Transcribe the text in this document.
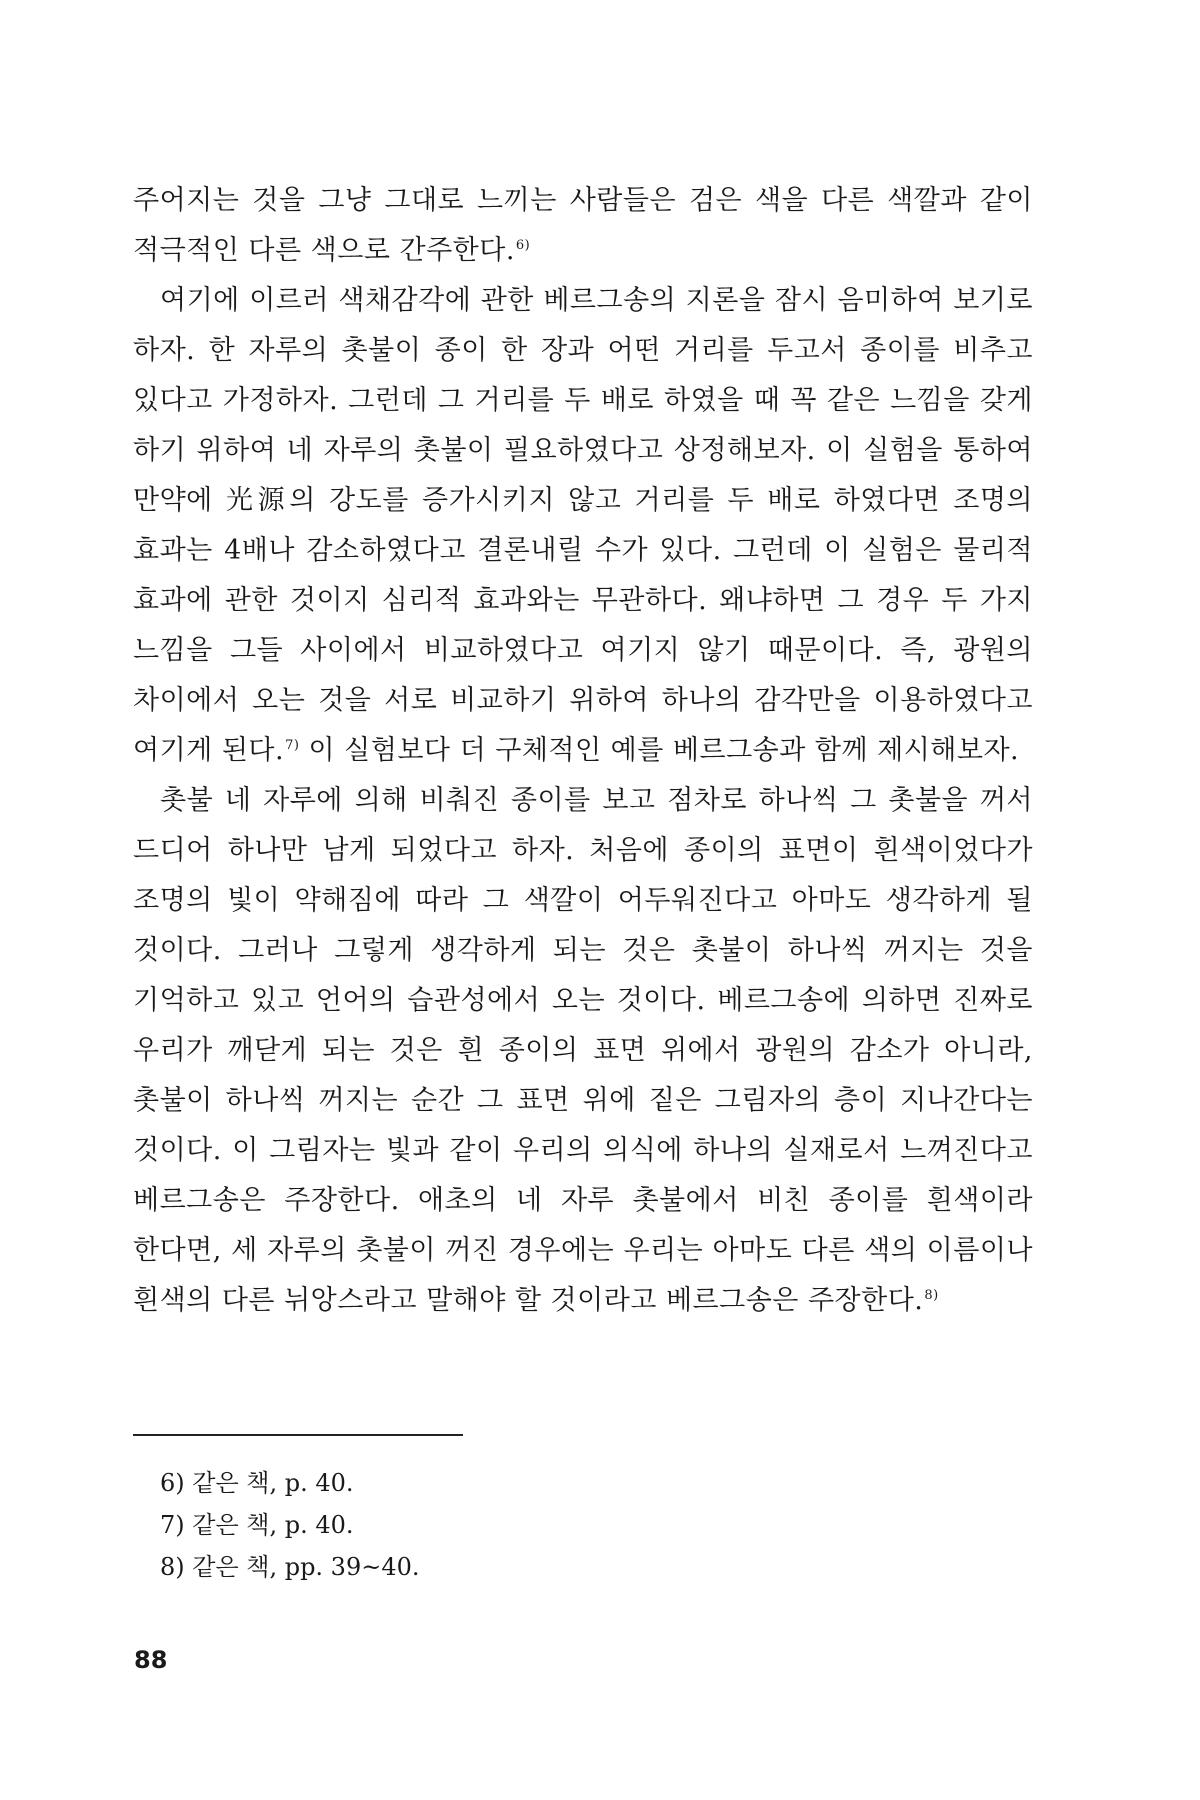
주어지는 것을 그냥 그대로 느끼는 사람들은 검은 색을 다른 색깔과 같이 적극적인 다른 색으로 간주한다.$^{6)}$

여기에 이르러 색채감각에 관한 베르그송의 지론을 잠시 음미하여 보기로 하자. 한 자루의 촛불이 종이 한 장과 어떤 거리를 두고서 종이를 비추고 있다고 가정하자. 그런데 그 거리를 두 배로 하였을 때 꼭 같은 느낌을 갖게 하기 위하여 네 자루의 촛불이 필요하였다고 상정해보자. 이 실험을 통하여 만약에 光源의 강도를 증가시키지 않고 거리를 두 배로 하였다면 조명의 효과는 4배나 감소하였다고 결론내릴 수가 있다. 그런데 이 실험은 물리적 효과에 관한 것이지 심리적 효과와는 무관하다. 왜냐하면 그 경우 두 가지 느낌을 그들 사이에서 비교하였다고 여기지 않기 때문이다. 즉, 광원의 차이에서 오는 것을 서로 비교하기 위하여 하나의 감각만을 이용하였다고 여기게 된다.$^{7)}$ 이 실험보다 더 구체적인 예를 베르그송과 함께 제시해보자.

촛불 네 자루에 의해 비춰진 종이를 보고 점차로 하나씩 그 촛불을 꺼서 드디어 하나만 남게 되었다고 하자. 처음에 종이의 표면이 흰색이었다가 조명의 빛이 약해짐에 따라 그 색깔이 어두워진다고 아마도 생각하게 될 것이다. 그러나 그렇게 생각하게 되는 것은 촛불이 하나씩 꺼지는 것을 기억하고 있고 언어의 습관성에서 오는 것이다. 베르그송에 의하면 진짜로 우리가 깨닫게 되는 것은 흰 종이의 표면 위에서 광원의 감소가 아니라, 촛불이 하나씩 꺼지는 순간 그 표면 위에 짙은 그림자의 층이 지나간다는 것이다. 이 그림자는 빛과 같이 우리의 의식에 하나의 실재로서 느껴진다고 베르그송은 주장한다. 애초의 네 자루 촛불에서 비친 종이를 흰색이라 한다면, 세 자루의 촛불이 꺼진 경우에는 우리는 아마도 다른 색의 이름이나 흰색의 다른 뉘앙스라고 말해야 할 것이라고 베르그송은 주장한다.$^{8)}$

6) 같은 책, p. 40.
7) 같은 책, p. 40.
8) 같은 책, pp. 39~40.
88
